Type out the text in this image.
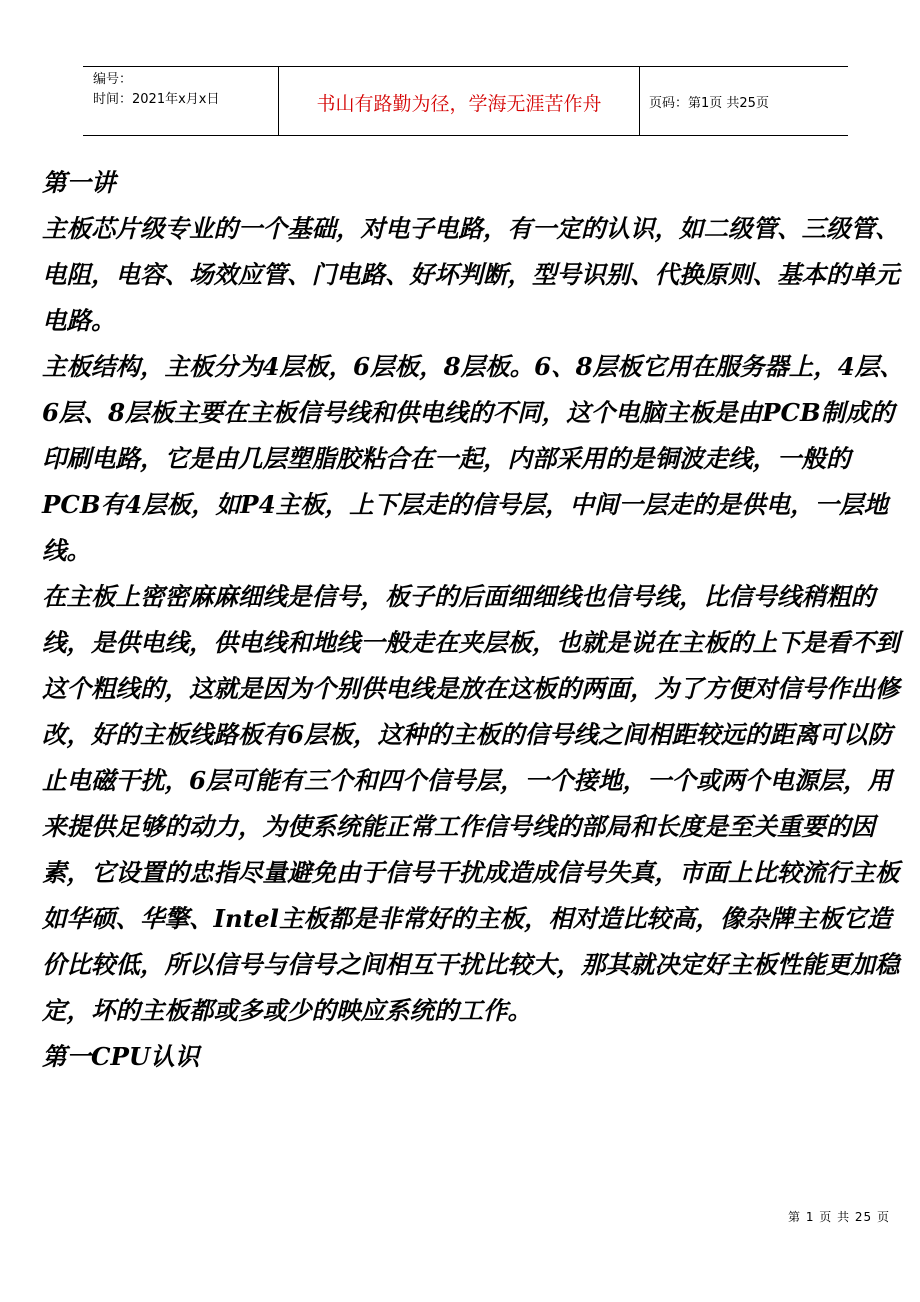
编号：
时间：2021年x月x日	书山有路勤为径，学海无涯苦作舟	页码：第1页 共25页

第一讲

主板芯片级专业的一个基础，对电子电路，有一定的认识，如二级管、三级管、电阻，电容、场效应管、门电路、好坏判断，型号识别、代换原则、基本的单元电路。

主板结构，主板分为4层板，6层板，8层板。6、8层板它用在服务器上，4层、6层、8层板主要在主板信号线和供电线的不同，这个电脑主板是由PCB制成的印刷电路，它是由几层塑脂胶粘合在一起，内部采用的是铜波走线，一般的PCB有4层板，如P4主板，上下层走的信号层，中间一层走的是供电，一层地线。

在主板上密密麻麻细线是信号，板子的后面细细线也信号线，比信号线稍粗的线，是供电线，供电线和地线一般走在夹层板，也就是说在主板的上下是看不到这个粗线的，这就是因为个别供电线是放在这板的两面，为了方便对信号作出修改，好的主板线路板有6层板，这种的主板的信号线之间相距较远的距离可以防止电磁干扰，6层可能有三个和四个信号层，一个接地，一个或两个电源层，用来提供足够的动力，为使系统能正常工作信号线的部局和长度是至关重要的因素，它设置的忠指尽量避免由于信号干扰成造成信号失真，市面上比较流行主板如华硕、华擎、Intel主板都是非常好的主板，相对造比较高，像杂牌主板它造价比较低，所以信号与信号之间相互干扰比较大，那其就决定好主板性能更加稳定，坏的主板都或多或少的映应系统的工作。

第一CPU认识

第 1 页 共 25 页
